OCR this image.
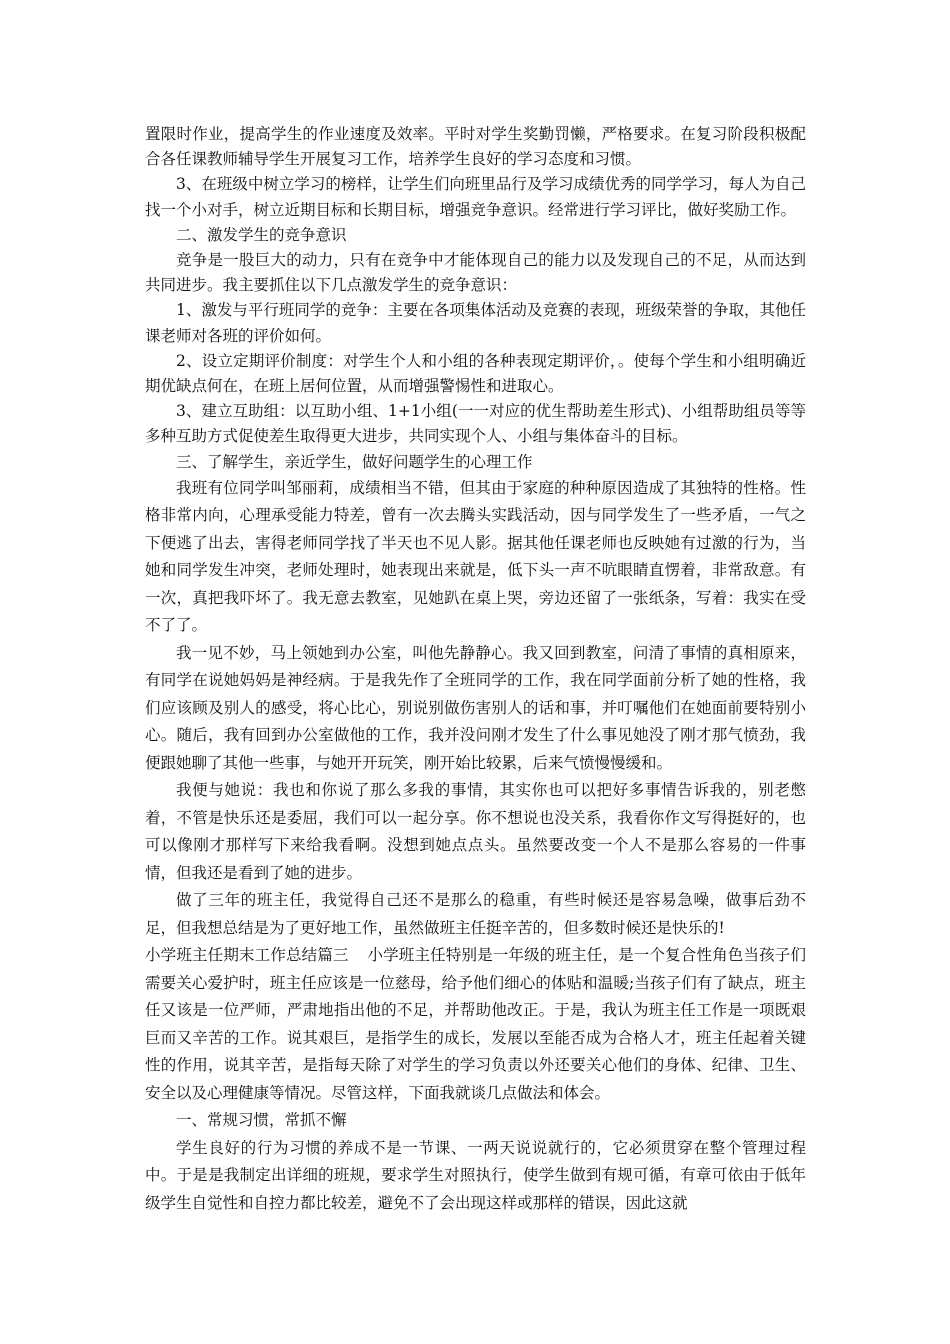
置限时作业，提高学生的作业速度及效率。平时对学生奖勤罚懒，严格要求。在复习阶段积极配合各任课教师辅导学生开展复习工作，培养学生良好的学习态度和习惯。

3、在班级中树立学习的榜样，让学生们向班里品行及学习成绩优秀的同学学习，每人为自己找一个小对手，树立近期目标和长期目标，增强竞争意识。经常进行学习评比，做好奖励工作。

二、激发学生的竞争意识

竞争是一股巨大的动力，只有在竞争中才能体现自己的能力以及发现自己的不足，从而达到共同进步。我主要抓住以下几点激发学生的竞争意识：

1、激发与平行班同学的竞争：主要在各项集体活动及竞赛的表现，班级荣誉的争取，其他任课老师对各班的评价如何。

2、设立定期评价制度：对学生个人和小组的各种表现定期评价，。使每个学生和小组明确近期优缺点何在，在班上居何位置，从而增强警惕性和进取心。

3、建立互助组：以互助小组、1+1小组(一一对应的优生帮助差生形式)、小组帮助组员等等多种互助方式促使差生取得更大进步，共同实现个人、小组与集体奋斗的目标。

三、了解学生，亲近学生，做好问题学生的心理工作

我班有位同学叫邹丽莉，成绩相当不错，但其由于家庭的种种原因造成了其独特的性格。性格非常内向，心理承受能力特差，曾有一次去腾头实践活动，因与同学发生了一些矛盾，一气之下便逃了出去，害得老师同学找了半天也不见人影。据其他任课老师也反映她有过激的行为，当她和同学发生冲突，老师处理时，她表现出来就是，低下头一声不吭眼睛直愣着，非常敌意。有一次，真把我吓坏了。我无意去教室，见她趴在桌上哭，旁边还留了一张纸条，写着：我实在受不了了。

我一见不妙，马上领她到办公室，叫他先静静心。我又回到教室，问清了事情的真相原来，有同学在说她妈妈是神经病。于是我先作了全班同学的工作，我在同学面前分析了她的性格，我们应该顾及别人的感受，将心比心，别说别做伤害别人的话和事，并叮嘱他们在她面前要特别小心。随后，我有回到办公室做他的工作，我并没问刚才发生了什么事见她没了刚才那气愤劲，我便跟她聊了其他一些事，与她开开玩笑，刚开始比较累，后来气愤慢慢缓和。

我便与她说：我也和你说了那么多我的事情，其实你也可以把好多事情告诉我的，别老憋着，不管是快乐还是委屈，我们可以一起分享。你不想说也没关系，我看你作文写得挺好的，也可以像刚才那样写下来给我看啊。没想到她点点头。虽然要改变一个人不是那么容易的一件事情，但我还是看到了她的进步。

做了三年的班主任，我觉得自己还不是那么的稳重，有些时候还是容易急噪，做事后劲不足，但我想总结是为了更好地工作，虽然做班主任挺辛苦的，但多数时候还是快乐的!

小学班主任期末工作总结篇三 小学班主任特别是一年级的班主任，是一个复合性角色当孩子们需要关心爱护时，班主任应该是一位慈母，给予他们细心的体贴和温暖;当孩子们有了缺点，班主任又该是一位严师，严肃地指出他的不足，并帮助他改正。于是，我认为班主任工作是一项既艰巨而又辛苦的工作。说其艰巨，是指学生的成长，发展以至能否成为合格人才，班主任起着关键性的作用，说其辛苦，是指每天除了对学生的学习负责以外还要关心他们的身体、纪律、卫生、安全以及心理健康等情况。尽管这样，下面我就谈几点做法和体会。

一、常规习惯，常抓不懈

学生良好的行为习惯的养成不是一节课、一两天说说就行的，它必须贯穿在整个管理过程中。于是是我制定出详细的班规，要求学生对照执行，使学生做到有规可循，有章可依由于低年级学生自觉性和自控力都比较差，避免不了会出现这样或那样的错误，因此这就
